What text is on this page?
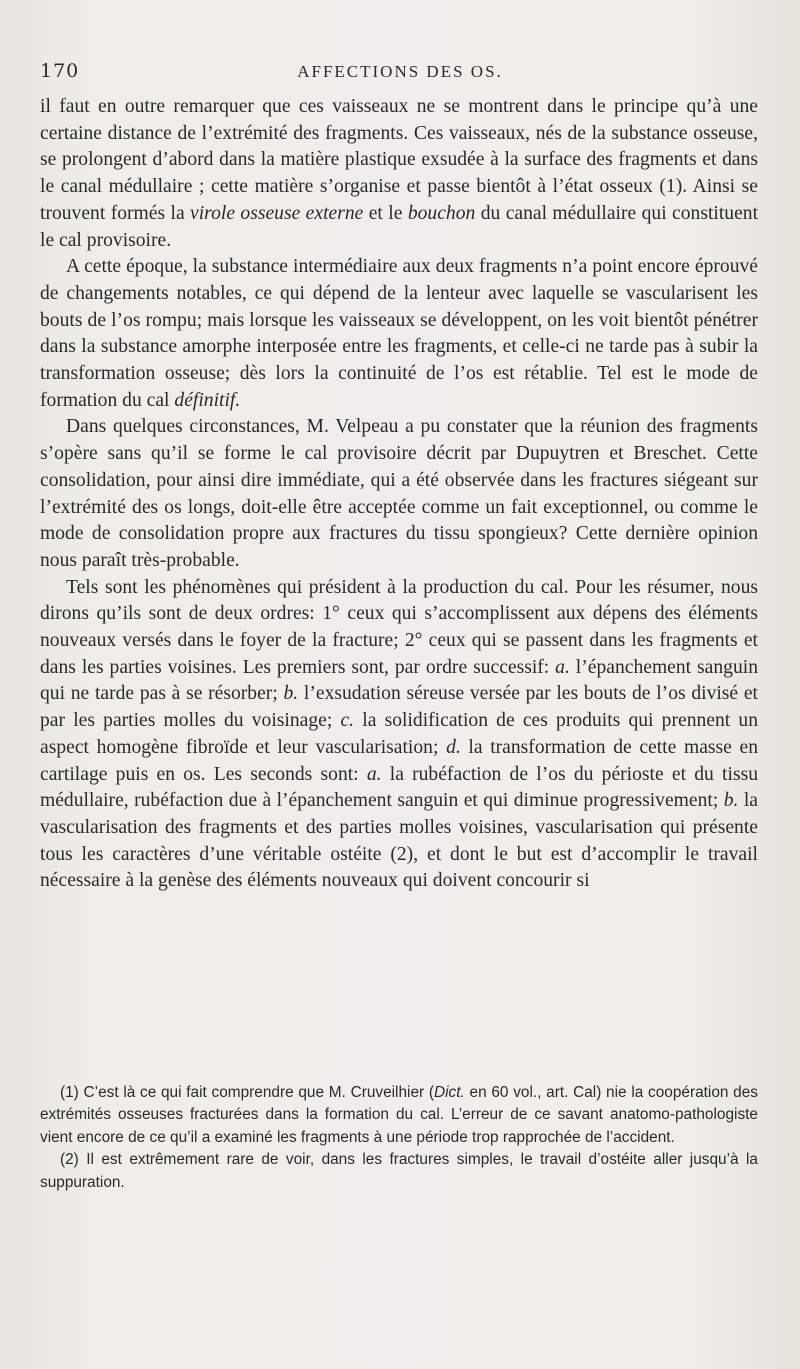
170	AFFECTIONS DES OS.

il faut en outre remarquer que ces vaisseaux ne se montrent dans le principe qu’à une certaine distance de l’extrémité des fragments. Ces vaisseaux, nés de la substance osseuse, se prolongent d’abord dans la matière plastique exsudée à la surface des fragments et dans le canal médullaire ; cette matière s’organise et passe bientôt à l’état osseux (1). Ainsi se trouvent formés la virole osseuse externe et le bouchon du canal médullaire qui constituent le cal provisoire.

A cette époque, la substance intermédiaire aux deux fragments n’a point encore éprouvé de changements notables, ce qui dépend de la lenteur avec laquelle se vascularisent les bouts de l’os rompu; mais lorsque les vaisseaux se développent, on les voit bientôt pénétrer dans la substance amorphe interposée entre les fragments, et celle-ci ne tarde pas à subir la transformation osseuse; dès lors la continuité de l’os est rétablie. Tel est le mode de formation du cal définitif.

Dans quelques circonstances, M. Velpeau a pu constater que la réunion des fragments s’opère sans qu’il se forme le cal provisoire décrit par Dupuytren et Breschet. Cette consolidation, pour ainsi dire immédiate, qui a été observée dans les fractures siégeant sur l’extrémité des os longs, doit-elle être acceptée comme un fait exceptionnel, ou comme le mode de consolidation propre aux fractures du tissu spongieux? Cette dernière opinion nous paraît très-probable.

Tels sont les phénomènes qui président à la production du cal. Pour les résumer, nous dirons qu’ils sont de deux ordres: 1° ceux qui s’accomplissent aux dépens des éléments nouveaux versés dans le foyer de la fracture; 2° ceux qui se passent dans les fragments et dans les parties voisines. Les premiers sont, par ordre successif: a. l’épanchement sanguin qui ne tarde pas à se résorber; b. l’exsudation séreuse versée par les bouts de l’os divisé et par les parties molles du voisinage; c. la solidification de ces produits qui prennent un aspect homogène fibroïde et leur vascularisation; d. la transformation de cette masse en cartilage puis en os. Les seconds sont: a. la rubéfaction de l’os du périoste et du tissu médullaire, rubéfaction due à l’épanchement sanguin et qui diminue progressivement; b. la vascularisation des fragments et des parties molles voisines, vascularisation qui présente tous les caractères d’une véritable ostéite (2), et dont le but est d’accomplir le travail nécessaire à la genèse des éléments nouveaux qui doivent concourir si

(1) C’est là ce qui fait comprendre que M. Cruveilhier (Dict. en 60 vol., art. Cal) nie la coopération des extrémités osseuses fracturées dans la formation du cal. L’erreur de ce savant anatomo-pathologiste vient encore de ce qu’il a examiné les fragments à une période trop rapprochée de l’accident.

(2) Il est extrêmement rare de voir, dans les fractures simples, le travail d’ostéite aller jusqu’à la suppuration.
